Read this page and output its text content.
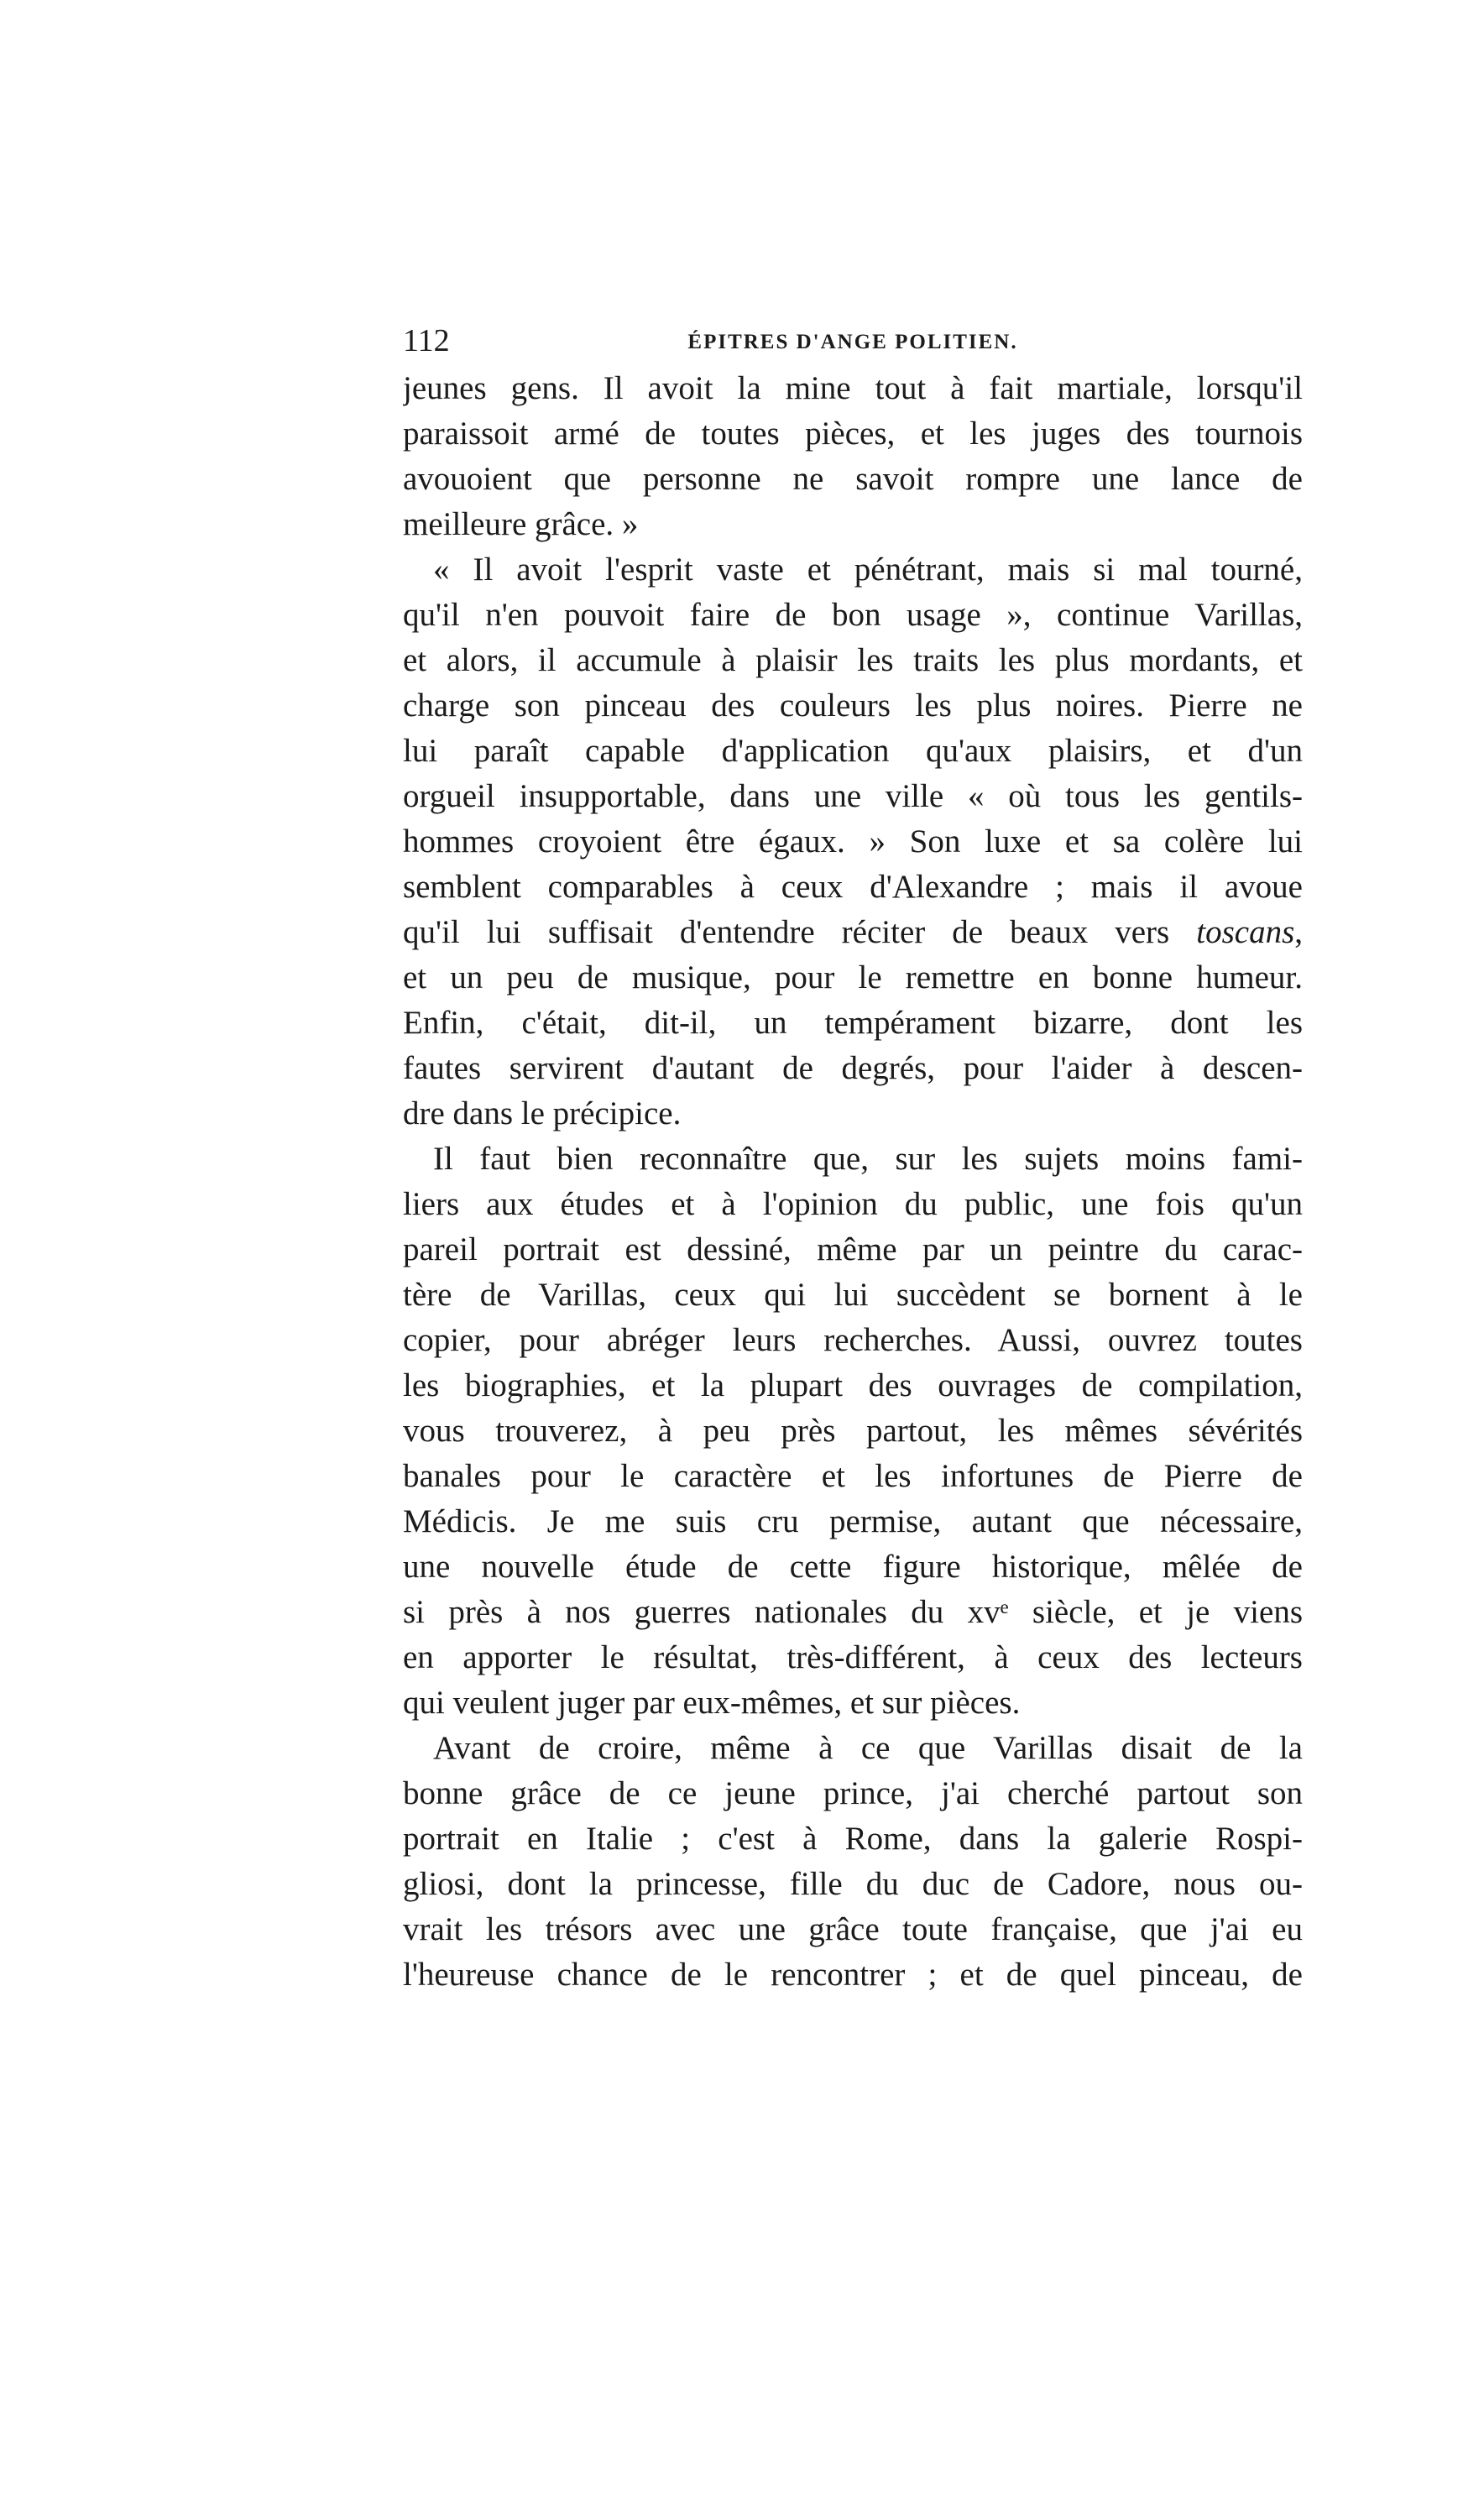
112	ÉPITRES D'ANGE POLITIEN.
jeunes gens. Il avoit la mine tout à fait martiale, lorsqu'il
paraissoit armé de toutes pièces, et les juges des tournois
avouoient que personne ne savoit rompre une lance de
meilleure grâce. »
« Il avoit l'esprit vaste et pénétrant, mais si mal tourné,
qu'il n'en pouvoit faire de bon usage », continue Varillas,
et alors, il accumule à plaisir les traits les plus mordants, et
charge son pinceau des couleurs les plus noires. Pierre ne
lui paraît capable d'application qu'aux plaisirs, et d'un
orgueil insupportable, dans une ville « où tous les gentils-
hommes croyoient être égaux. » Son luxe et sa colère lui
semblent comparables à ceux d'Alexandre ; mais il avoue
qu'il lui suffisait d'entendre réciter de beaux vers toscans,
et un peu de musique, pour le remettre en bonne humeur.
Enfin, c'était, dit-il, un tempérament bizarre, dont les
fautes servirent d'autant de degrés, pour l'aider à descen-
dre dans le précipice.
Il faut bien reconnaître que, sur les sujets moins fami-
liers aux études et à l'opinion du public, une fois qu'un
pareil portrait est dessiné, même par un peintre du carac-
tère de Varillas, ceux qui lui succèdent se bornent à le
copier, pour abréger leurs recherches. Aussi, ouvrez toutes
les biographies, et la plupart des ouvrages de compilation,
vous trouverez, à peu près partout, les mêmes sévérités
banales pour le caractère et les infortunes de Pierre de
Médicis. Je me suis cru permise, autant que nécessaire,
une nouvelle étude de cette figure historique, mêlée de
si près à nos guerres nationales du xvᵉ siècle, et je viens
en apporter le résultat, très-différent, à ceux des lecteurs
qui veulent juger par eux-mêmes, et sur pièces.
Avant de croire, même à ce que Varillas disait de la
bonne grâce de ce jeune prince, j'ai cherché partout son
portrait en Italie ; c'est à Rome, dans la galerie Rospi-
gliosi, dont la princesse, fille du duc de Cadore, nous ou-
vrait les trésors avec une grâce toute française, que j'ai eu
l'heureuse chance de le rencontrer ; et de quel pinceau, de
